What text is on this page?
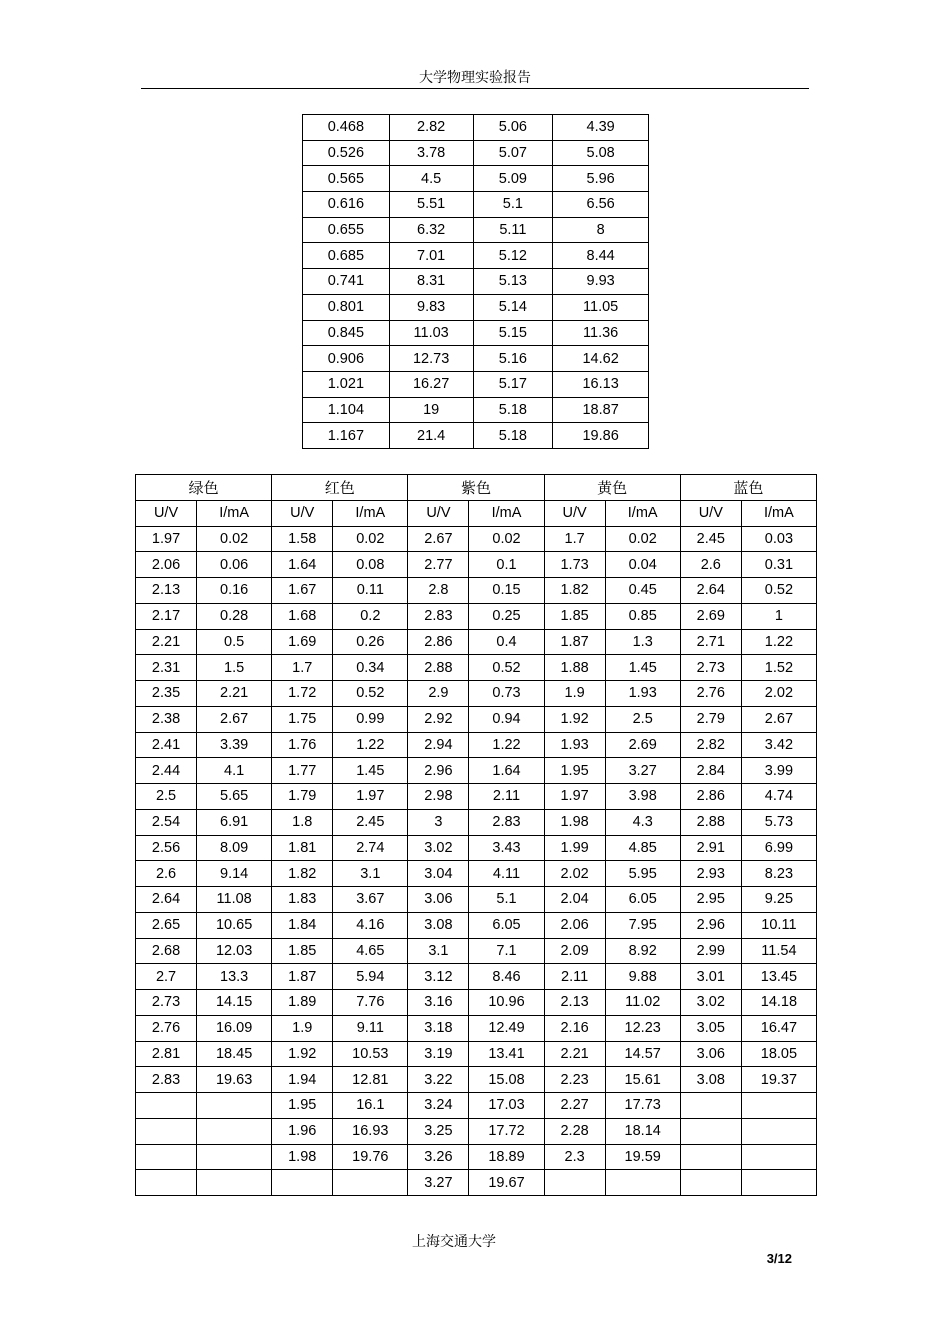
大学物理实验报告
0.468	2.82	5.06	4.39
0.526	3.78	5.07	5.08
0.565	4.5	5.09	5.96
0.616	5.51	5.1	6.56
0.655	6.32	5.11	8
0.685	7.01	5.12	8.44
0.741	8.31	5.13	9.93
0.801	9.83	5.14	11.05
0.845	11.03	5.15	11.36
0.906	12.73	5.16	14.62
1.021	16.27	5.17	16.13
1.104	19	5.18	18.87
1.167	21.4	5.18	19.86
绿色		红色		紫色		黄色		蓝色	
U/V	I/mA	U/V	I/mA	U/V	I/mA	U/V	I/mA	U/V	I/mA
1.97	0.02	1.58	0.02	2.67	0.02	1.7	0.02	2.45	0.03
2.06	0.06	1.64	0.08	2.77	0.1	1.73	0.04	2.6	0.31
2.13	0.16	1.67	0.11	2.8	0.15	1.82	0.45	2.64	0.52
2.17	0.28	1.68	0.2	2.83	0.25	1.85	0.85	2.69	1
2.21	0.5	1.69	0.26	2.86	0.4	1.87	1.3	2.71	1.22
2.31	1.5	1.7	0.34	2.88	0.52	1.88	1.45	2.73	1.52
2.35	2.21	1.72	0.52	2.9	0.73	1.9	1.93	2.76	2.02
2.38	2.67	1.75	0.99	2.92	0.94	1.92	2.5	2.79	2.67
2.41	3.39	1.76	1.22	2.94	1.22	1.93	2.69	2.82	3.42
2.44	4.1	1.77	1.45	2.96	1.64	1.95	3.27	2.84	3.99
2.5	5.65	1.79	1.97	2.98	2.11	1.97	3.98	2.86	4.74
2.54	6.91	1.8	2.45	3	2.83	1.98	4.3	2.88	5.73
2.56	8.09	1.81	2.74	3.02	3.43	1.99	4.85	2.91	6.99
2.6	9.14	1.82	3.1	3.04	4.11	2.02	5.95	2.93	8.23
2.64	11.08	1.83	3.67	3.06	5.1	2.04	6.05	2.95	9.25
2.65	10.65	1.84	4.16	3.08	6.05	2.06	7.95	2.96	10.11
2.68	12.03	1.85	4.65	3.1	7.1	2.09	8.92	2.99	11.54
2.7	13.3	1.87	5.94	3.12	8.46	2.11	9.88	3.01	13.45
2.73	14.15	1.89	7.76	3.16	10.96	2.13	11.02	3.02	14.18
2.76	16.09	1.9	9.11	3.18	12.49	2.16	12.23	3.05	16.47
2.81	18.45	1.92	10.53	3.19	13.41	2.21	14.57	3.06	18.05
2.83	19.63	1.94	12.81	3.22	15.08	2.23	15.61	3.08	19.37
		1.95	16.1	3.24	17.03	2.27	17.73		
		1.96	16.93	3.25	17.72	2.28	18.14		
		1.98	19.76	3.26	18.89	2.3	19.59		
				3.27	19.67				
上海交通大学
3/12
